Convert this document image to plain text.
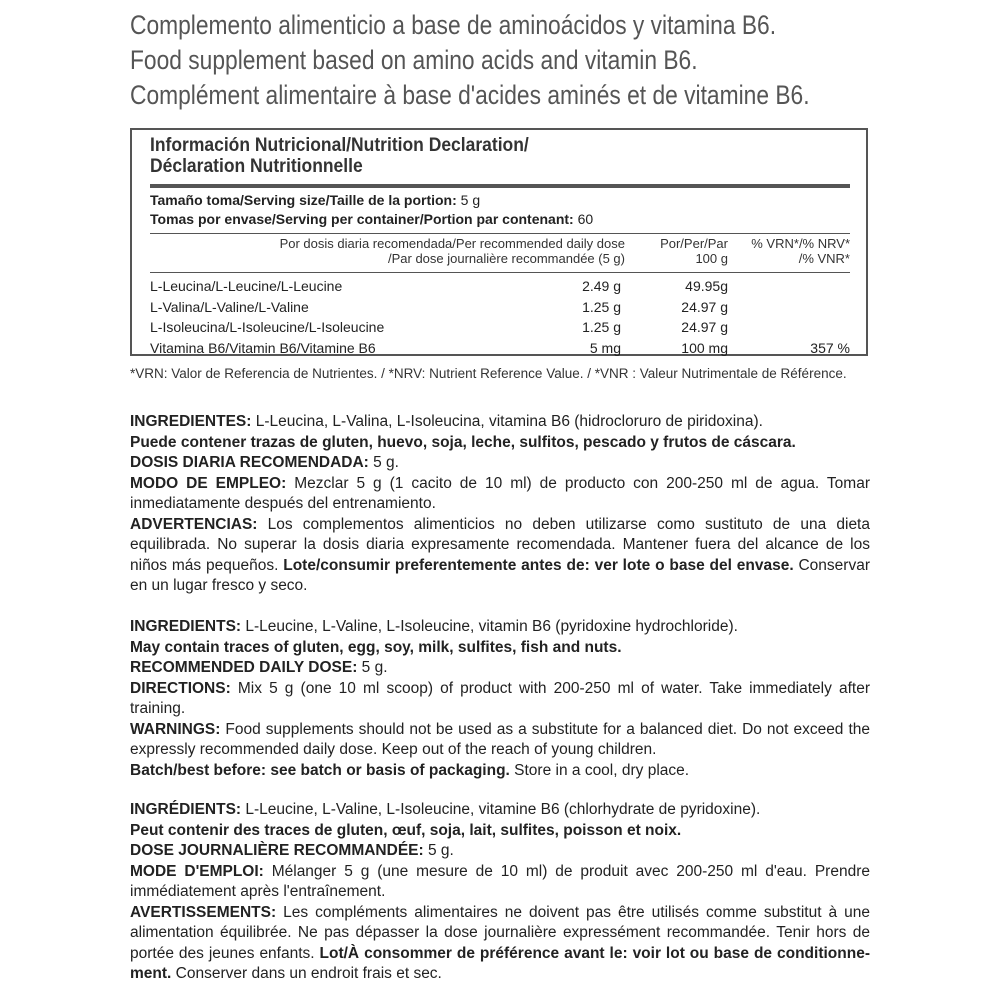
Complemento alimenticio a base de aminoácidos y vitamina B6.
Food supplement based on amino acids and vitamin B6.
Complément alimentaire à base d'acides aminés et de vitamine B6.
Información Nutricional/Nutrition Declaration/
Déclaration Nutritionnelle
Tamaño toma/Serving size/Taille de la portion: 5 g
Tomas por envase/Serving per container/Portion par contenant: 60
Por dosis diaria recomendada/Per recommended daily dose
/Par dose journalière recommandée (5 g)
Por/Per/Par
100 g
% VRN*/% NRV*
/% VNR*
L-Leucina/L-Leucine/L-Leucine	2.49 g	49.95g
L-Valina/L-Valine/L-Valine	1.25 g	24.97 g
L-Isoleucina/L-Isoleucine/L-Isoleucine	1.25 g	24.97 g
Vitamina B6/Vitamin B6/Vitamine B6	5 mg	100 mg	357 %
*VRN: Valor de Referencia de Nutrientes. / *NRV: Nutrient Reference Value. / *VNR : Valeur Nutrimentale de Référence.

INGREDIENTES: L-Leucina, L-Valina, L-Isoleucina, vitamina B6 (hidrocloruro de piridoxina).

Puede contener trazas de gluten, huevo, soja, leche, sulfitos, pescado y frutos de cáscara.

DOSIS DIARIA RECOMENDADA: 5 g.

MODO DE EMPLEO: Mezclar 5 g (1 cacito de 10 ml) de producto con 200-250 ml de agua. Tomar inmediatamente después del entrenamiento.

ADVERTENCIAS: Los complementos alimenticios no deben utilizarse como sustituto de una dieta equilibrada. No superar la dosis diaria expresamente recomendada. Mantener fuera del alcance de los niños más pequeños. Lote/consumir preferentemente antes de: ver lote o base del envase. Conservar en un lugar fresco y seco.

INGREDIENTS: L-Leucine, L-Valine, L-Isoleucine, vitamin B6 (pyridoxine hydrochloride).

May contain traces of gluten, egg, soy, milk, sulfites, fish and nuts.

RECOMMENDED DAILY DOSE: 5 g.

DIRECTIONS: Mix 5 g (one 10 ml scoop) of product with 200-250 ml of water. Take immediately after training.

WARNINGS: Food supplements should not be used as a substitute for a balanced diet. Do not exceed the expressly recommended daily dose. Keep out of the reach of young children.

Batch/best before: see batch or basis of packaging. Store in a cool, dry place.

INGRÉDIENTS: L-Leucine, L-Valine, L-Isoleucine, vitamine B6 (chlorhydrate de pyridoxine).

Peut contenir des traces de gluten, œuf, soja, lait, sulfites, poisson et noix.

DOSE JOURNALIÈRE RECOMMANDÉE: 5 g.

MODE D'EMPLOI: Mélanger 5 g (une mesure de 10 ml) de produit avec 200-250 ml d'eau. Prendre immédiatement après l'entraînement.

AVERTISSEMENTS: Les compléments alimentaires ne doivent pas être utilisés comme substitut à une alimentation équilibrée. Ne pas dépasser la dose journalière expressément recommandée. Tenir hors de portée des jeunes enfants. Lot/À consommer de préférence avant le: voir lot ou base de conditionnement. Conserver dans un endroit frais et sec.
